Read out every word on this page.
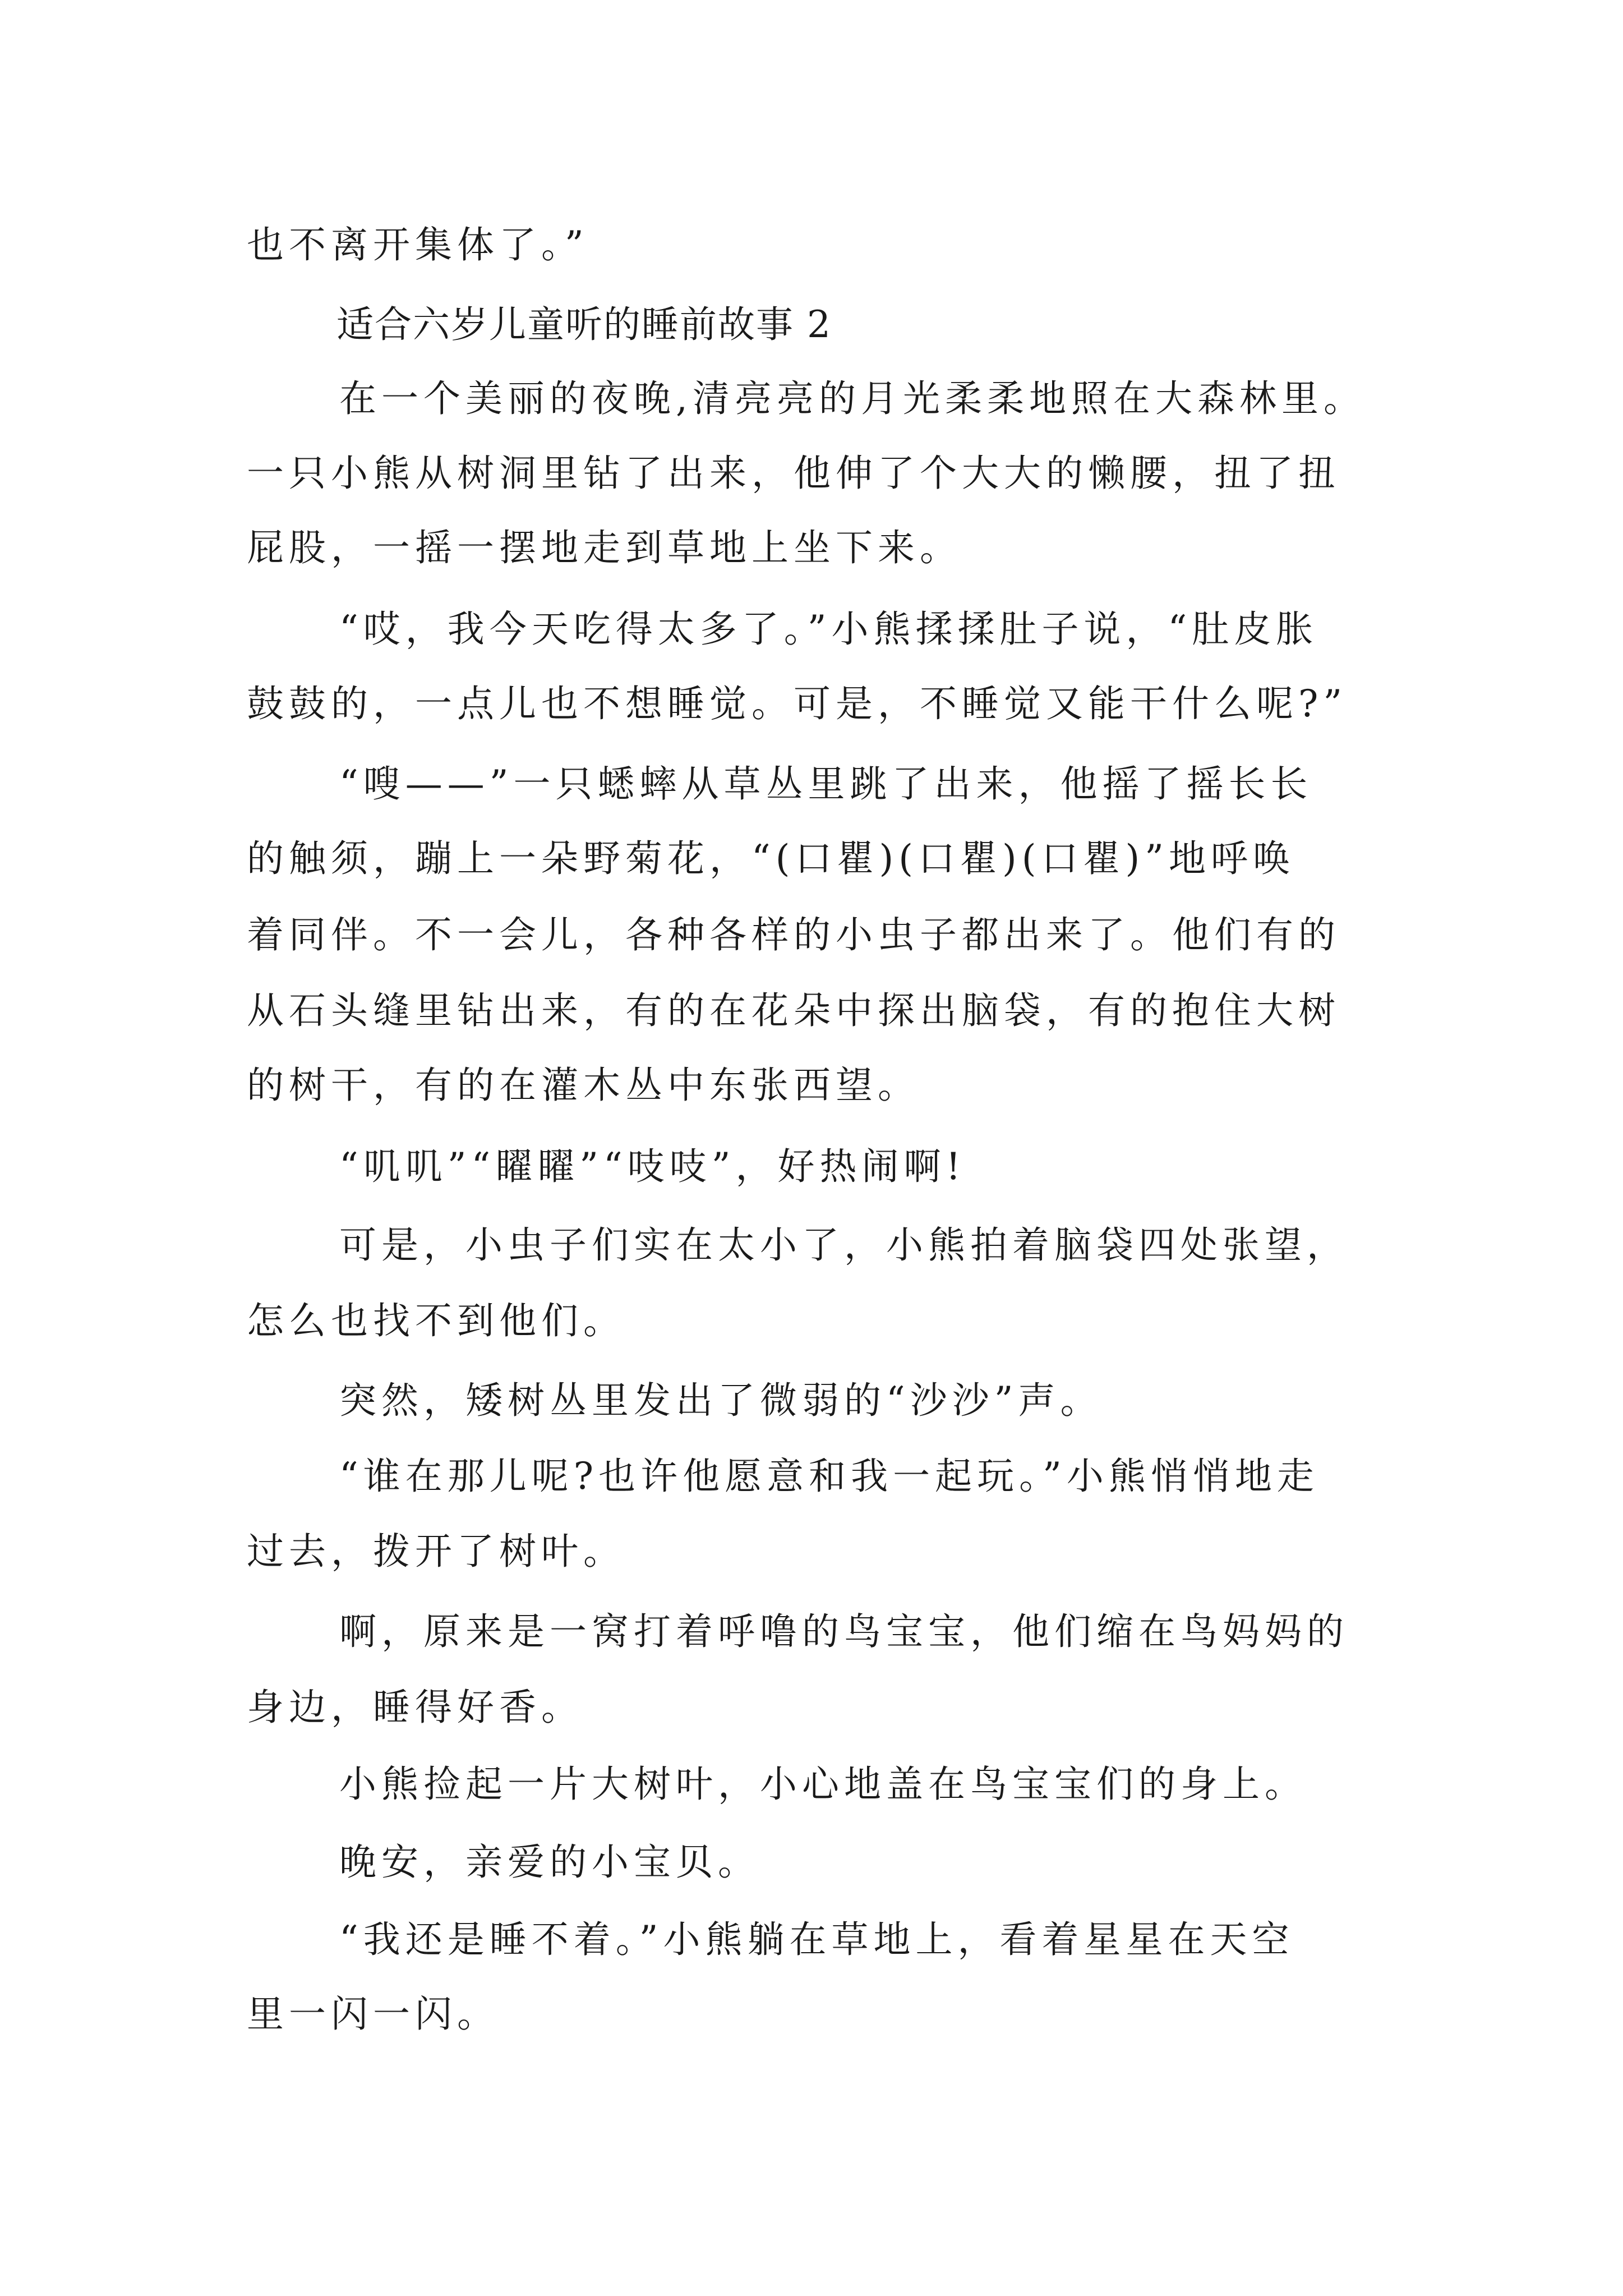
也不离开集体了。”
适合六岁儿童听的睡前故事 2
在一个美丽的夜晚,清亮亮的月光柔柔地照在大森林里。
一只小熊从树洞里钻了出来，他伸了个大大的懒腰，扭了扭
屁股，一摇一摆地走到草地上坐下来。
“哎，我今天吃得太多了。”小熊揉揉肚子说，“肚皮胀
鼓鼓的，一点儿也不想睡觉。可是，不睡觉又能干什么呢?”
“嗖——”一只蟋蟀从草丛里跳了出来，他摇了摇长长
的触须，蹦上一朵野菊花，“(口瞿)(口瞿)(口瞿)”地呼唤
着同伴。不一会儿，各种各样的小虫子都出来了。他们有的
从石头缝里钻出来，有的在花朵中探出脑袋，有的抱住大树
的树干，有的在灌木丛中东张西望。
“叽叽”“矅矅”“吱吱”，好热闹啊!
可是，小虫子们实在太小了，小熊拍着脑袋四处张望，
怎么也找不到他们。
突然，矮树丛里发出了微弱的“沙沙”声。
“谁在那儿呢?也许他愿意和我一起玩。”小熊悄悄地走
过去，拨开了树叶。
啊，原来是一窝打着呼噜的鸟宝宝，他们缩在鸟妈妈的
身边，睡得好香。
小熊捡起一片大树叶，小心地盖在鸟宝宝们的身上。
晚安，亲爱的小宝贝。
“我还是睡不着。”小熊躺在草地上，看着星星在天空
里一闪一闪。
